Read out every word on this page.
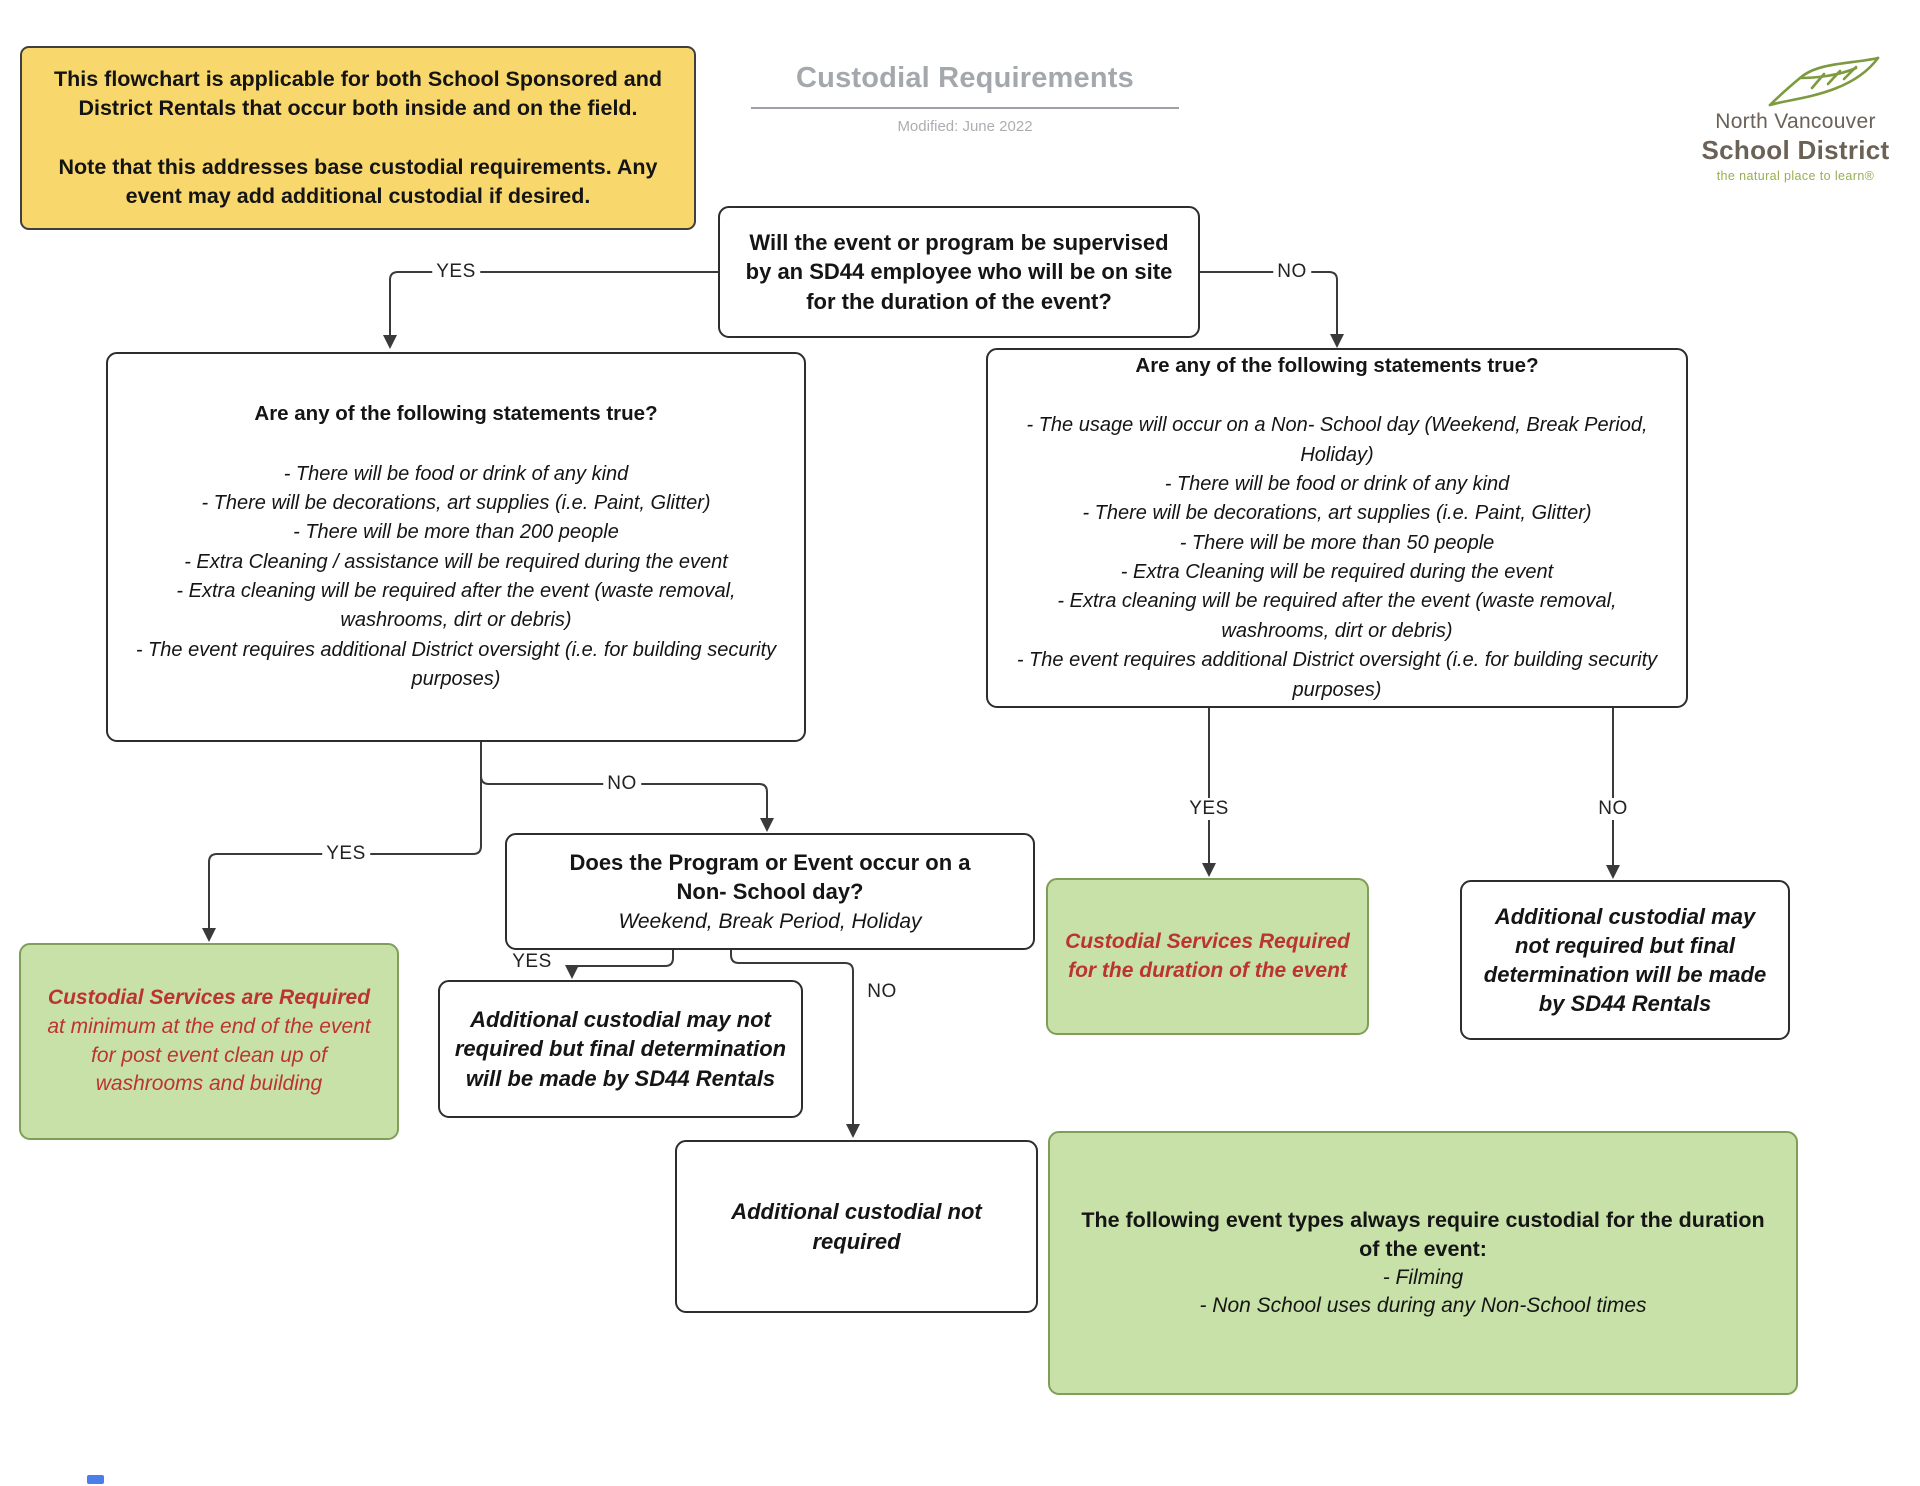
This flowchart is applicable for both School Sponsored and District Rentals that occur both inside and on the field.

Note that this addresses base custodial requirements. Any event may add additional custodial if desired.

Custodial Requirements
Modified: June 2022	North Vancouver
School District
the natural place to learn®
Will the event or program be supervised by an SD44 employee who will be on site for the duration of the event?
Are any of the following statements true?
- There will be food or drink of any kind
- There will be decorations, art supplies (i.e. Paint, Glitter)
- There will be more than 200 people
- Extra Cleaning / assistance will be required during the event
- Extra cleaning will be required after the event (waste removal, washrooms, dirt or debris)
- The event requires additional District oversight (i.e. for building security purposes)
Are any of the following statements true?
- The usage will occur on a Non- School day (Weekend, Break Period, Holiday)
- There will be food or drink of any kind
- There will be decorations, art supplies (i.e. Paint, Glitter)
- There will be more than 50 people
- Extra Cleaning will be required during the event
- Extra cleaning will be required after the event (waste removal, washrooms, dirt or debris)
- The event requires additional District oversight (i.e. for building security purposes)
Does the Program or Event occur on a
Non- School day?
Weekend, Break Period, Holiday
Custodial Services are Required
at minimum at the end of the event for post event clean up of washrooms and building
Additional custodial may not required but final determination will be made by SD44 Rentals
Additional custodial not required
Custodial Services Required for the duration of the event
Additional custodial may not required but final determination will be made by SD44 Rentals
The following event types always require custodial for the duration of the event:
- Filming
- Non School uses during any Non-School times
YES	NO
NO
YES
YES
NO
YES	NO
